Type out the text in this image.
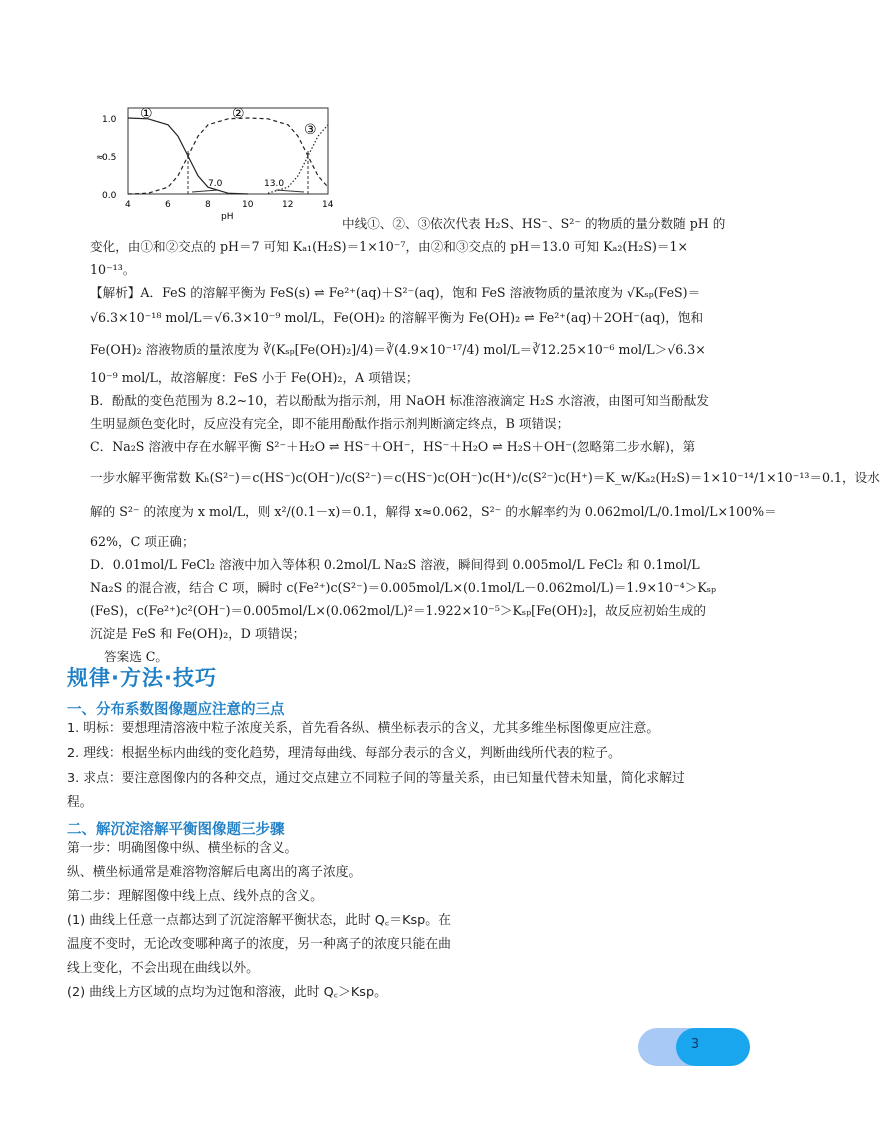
1.0
0.5
0.0
≈
4	6	8	10	12	14
pH
①	②
③
7.0	13.0
中线①、②、③依次代表 H₂S、HS⁻、S²⁻ 的物质的量分数随 pH 的
变化，由①和②交点的 pH＝7 可知 Kₐ₁(H₂S)＝1×10⁻⁷，由②和③交点的 pH＝13.0 可知 Kₐ₂(H₂S)＝1×
10⁻¹³。
【解析】A．FeS 的溶解平衡为 FeS(s) ⇌ Fe²⁺(aq)＋S²⁻(aq)，饱和 FeS 溶液物质的量浓度为 √Kₛₚ(FeS)＝
√6.3×10⁻¹⁸ mol/L＝√6.3×10⁻⁹ mol/L，Fe(OH)₂ 的溶解平衡为 Fe(OH)₂ ⇌ Fe²⁺(aq)＋2OH⁻(aq)，饱和
Fe(OH)₂ 溶液物质的量浓度为 ∛(Kₛₚ[Fe(OH)₂]/4)＝∛(4.9×10⁻¹⁷/4) mol/L＝∛12.25×10⁻⁶ mol/L＞√6.3×
10⁻⁹ mol/L，故溶解度：FeS 小于 Fe(OH)₂，A 项错误；
B．酚酞的变色范围为 8.2~10，若以酚酞为指示剂，用 NaOH 标准溶液滴定 H₂S 水溶液，由图可知当酚酞发
生明显颜色变化时，反应没有完全，即不能用酚酞作指示剂判断滴定终点，B 项错误；
C．Na₂S 溶液中存在水解平衡 S²⁻＋H₂O ⇌ HS⁻＋OH⁻，HS⁻＋H₂O ⇌ H₂S＋OH⁻(忽略第二步水解)，第
一步水解平衡常数 Kₕ(S²⁻)＝c(HS⁻)c(OH⁻)/c(S²⁻)＝c(HS⁻)c(OH⁻)c(H⁺)/c(S²⁻)c(H⁺)＝K_w/Kₐ₂(H₂S)＝1×10⁻¹⁴/1×10⁻¹³＝0.1，设水
解的 S²⁻ 的浓度为 x mol/L，则 x²/(0.1－x)＝0.1，解得 x≈0.062，S²⁻ 的水解率约为 0.062mol/L/0.1mol/L×100%＝
62%，C 项正确；
D．0.01mol/L FeCl₂ 溶液中加入等体积 0.2mol/L Na₂S 溶液，瞬间得到 0.005mol/L FeCl₂ 和 0.1mol/L
Na₂S 的混合液，结合 C 项，瞬时 c(Fe²⁺)c(S²⁻)＝0.005mol/L×(0.1mol/L－0.062mol/L)＝1.9×10⁻⁴＞Kₛₚ
(FeS)，c(Fe²⁺)c²(OH⁻)＝0.005mol/L×(0.062mol/L)²＝1.922×10⁻⁵＞Kₛₚ[Fe(OH)₂]，故反应初始生成的
沉淀是 FeS 和 Fe(OH)₂，D 项错误；
答案选 C。
规律·方法·技巧
一、分布系数图像题应注意的三点
1. 明标：要想理清溶液中粒子浓度关系，首先看各纵、横坐标表示的含义，尤其多维坐标图像更应注意。
2. 理线：根据坐标内曲线的变化趋势，理清每曲线、每部分表示的含义，判断曲线所代表的粒子。
3. 求点：要注意图像内的各种交点，通过交点建立不同粒子间的等量关系，由已知量代替未知量，简化求解过
程。
二、解沉淀溶解平衡图像题三步骤
第一步：明确图像中纵、横坐标的含义。
纵、横坐标通常是难溶物溶解后电离出的离子浓度。
第二步：理解图像中线上点、线外点的含义。
(1) 曲线上任意一点都达到了沉淀溶解平衡状态，此时 Q꜀＝Ksp。在
温度不变时，无论改变哪种离子的浓度，另一种离子的浓度只能在曲
线上变化，不会出现在曲线以外。
(2) 曲线上方区域的点均为过饱和溶液，此时 Q꜀＞Ksp。
3
